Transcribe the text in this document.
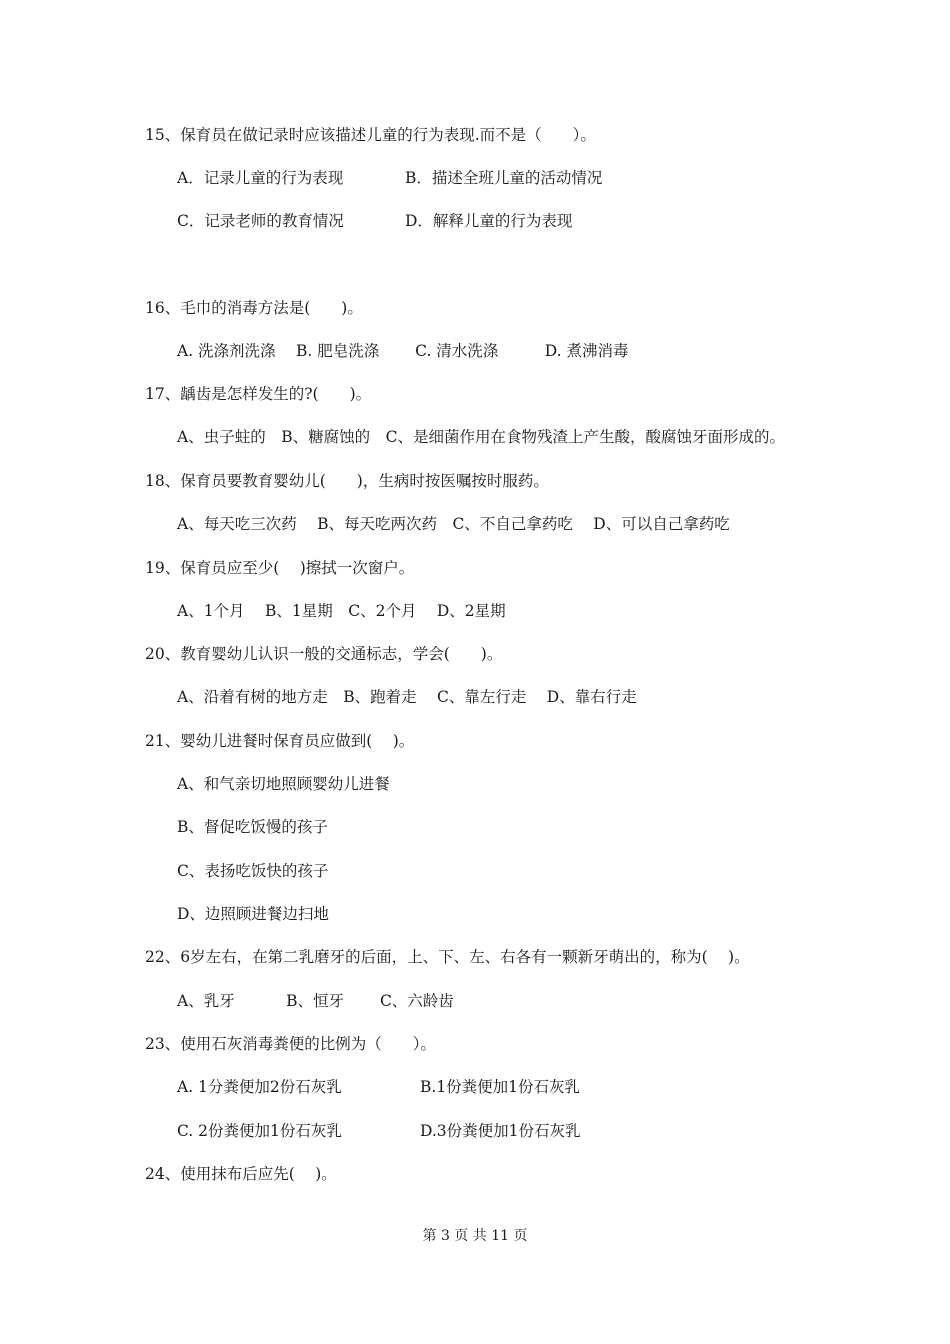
15、保育员在做记录时应该描述儿童的行为表现.而不是（　　）。
A．记录儿童的行为表现	B．描述全班儿童的活动情况
C．记录老师的教育情况	D．解释儿童的行为表现
16、毛巾的消毒方法是(　　)。
A. 洗涤剂洗涤　 B. 肥皂洗涤　　 C. 清水洗涤　　　D. 煮沸消毒
17、龋齿是怎样发生的?(　　)。
A、虫子蛀的　B、糖腐蚀的　C、是细菌作用在食物残渣上产生酸，酸腐蚀牙面形成的。
18、保育员要教育婴幼儿(　　)，生病时按医嘱按时服药。
A、每天吃三次药　 B、每天吃两次药　C、不自己拿药吃　 D、可以自己拿药吃
19、保育员应至少(　 )擦拭一次窗户。
A、1个月　 B、1星期　C、2个月　 D、2星期
20、教育婴幼儿认识一般的交通标志，学会(　　)。
A、沿着有树的地方走　B、跑着走　 C、靠左行走　 D、靠右行走
21、婴幼儿进餐时保育员应做到(　 )。
A、和气亲切地照顾婴幼儿进餐
B、督促吃饭慢的孩子
C、表扬吃饭快的孩子
D、边照顾进餐边扫地
22、6岁左右，在第二乳磨牙的后面，上、下、左、右各有一颗新牙萌出的，称为(　 )。
A、乳牙　　　 B、恒牙　　 C、六龄齿
23、使用石灰消毒粪便的比例为（　　）。
A. 1分粪便加2份石灰乳	B.1份粪便加1份石灰乳
C. 2份粪便加1份石灰乳	D.3份粪便加1份石灰乳
24、使用抹布后应先(　 )。
第 3 页 共 11 页
